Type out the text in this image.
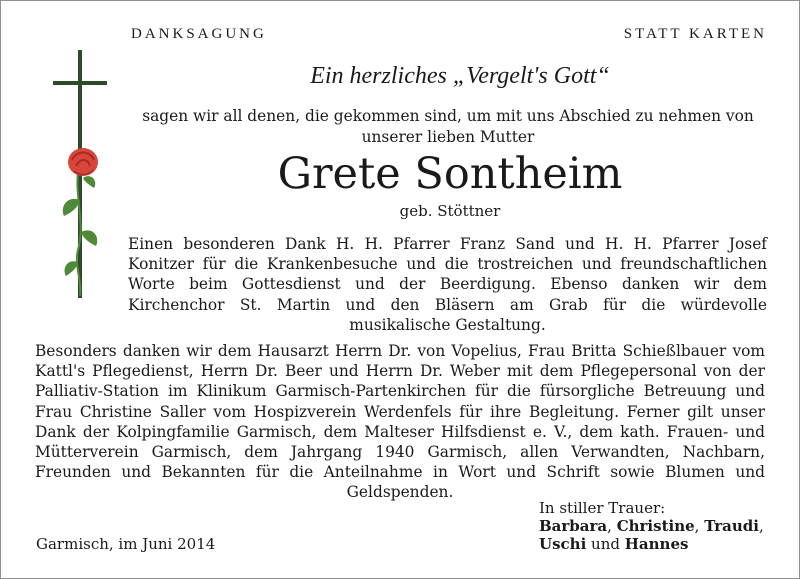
DANKSAGUNG	STATT KARTEN
Ein herzliches „Vergelt's Gott“
sagen wir all denen, die gekommen sind, um mit uns Abschied zu nehmen von unserer lieben Mutter
Grete Sontheim
geb. Stöttner
Einen besonderen Dank H. H. Pfarrer Franz Sand und H. H. Pfarrer Josef Konitzer für die Krankenbesuche und die trostreichen und freundschaftlichen Worte beim Gottesdienst und der Beerdigung. Ebenso danken wir dem Kirchenchor St. Martin und den Bläsern am Grab für die würdevolle musikalische Gestaltung.
Besonders danken wir dem Hausarzt Herrn Dr. von Vopelius, Frau Britta Schießlbauer vom Kattl's Pflegedienst, Herrn Dr. Beer und Herrn Dr. Weber mit dem Pflegepersonal von der Palliativ-Station im Klinikum Garmisch-Partenkirchen für die fürsorgliche Betreuung und Frau Christine Saller vom Hospizverein Werdenfels für ihre Begleitung. Ferner gilt unser Dank der Kolpingfamilie Garmisch, dem Malteser Hilfsdienst e. V., dem kath. Frauen- und Mütterverein Garmisch, dem Jahrgang 1940 Garmisch, allen Verwandten, Nachbarn, Freunden und Bekannten für die Anteilnahme in Wort und Schrift sowie Blumen und Geldspenden.
In stiller Trauer:
Barbara, Christine, Traudi,
Uschi und Hannes
Garmisch, im Juni 2014
